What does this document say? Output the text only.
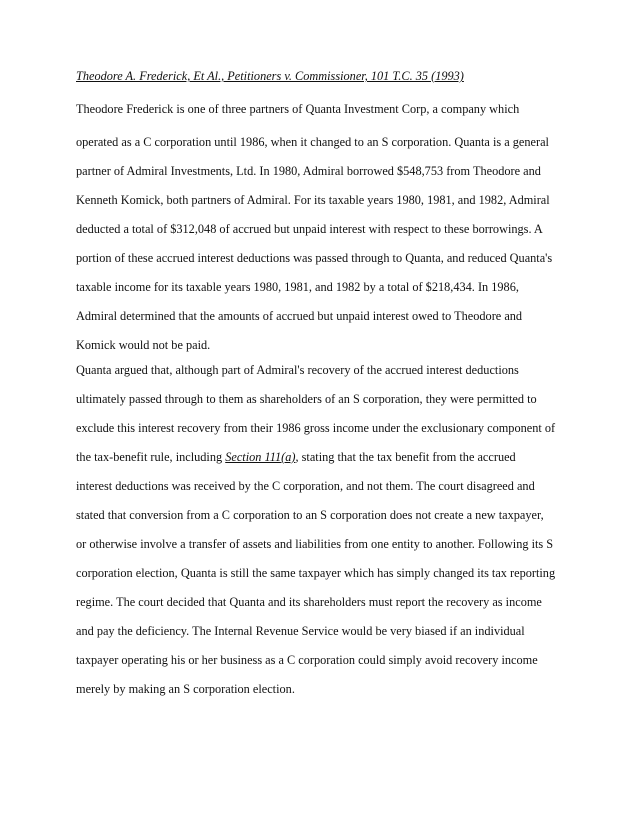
Theodore A. Frederick, Et Al., Petitioners v. Commissioner, 101 T.C. 35 (1993)
Theodore Frederick is one of three partners of Quanta Investment Corp, a company which
operated as a C corporation until 1986, when it changed to an S corporation. Quanta is a general
partner of Admiral Investments, Ltd. In 1980, Admiral borrowed $548,753 from Theodore and
Kenneth Komick, both partners of Admiral. For its taxable years 1980, 1981, and 1982, Admiral
deducted a total of $312,048 of accrued but unpaid interest with respect to these borrowings. A
portion of these accrued interest deductions was passed through to Quanta, and reduced Quanta's
taxable income for its taxable years 1980, 1981, and 1982 by a total of $218,434. In 1986,
Admiral determined that the amounts of accrued but unpaid interest owed to Theodore and
Komick would not be paid.
Quanta argued that, although part of Admiral's recovery of the accrued interest deductions
ultimately passed through to them as shareholders of an S corporation, they were permitted to
exclude this interest recovery from their 1986 gross income under the exclusionary component of
the tax-benefit rule, including Section 111(a), stating that the tax benefit from the accrued
interest deductions was received by the C corporation, and not them. The court disagreed and
stated that conversion from a C corporation to an S corporation does not create a new taxpayer,
or otherwise involve a transfer of assets and liabilities from one entity to another. Following its S
corporation election, Quanta is still the same taxpayer which has simply changed its tax reporting
regime. The court decided that Quanta and its shareholders must report the recovery as income
and pay the deficiency. The Internal Revenue Service would be very biased if an individual
taxpayer operating his or her business as a C corporation could simply avoid recovery income
merely by making an S corporation election.
